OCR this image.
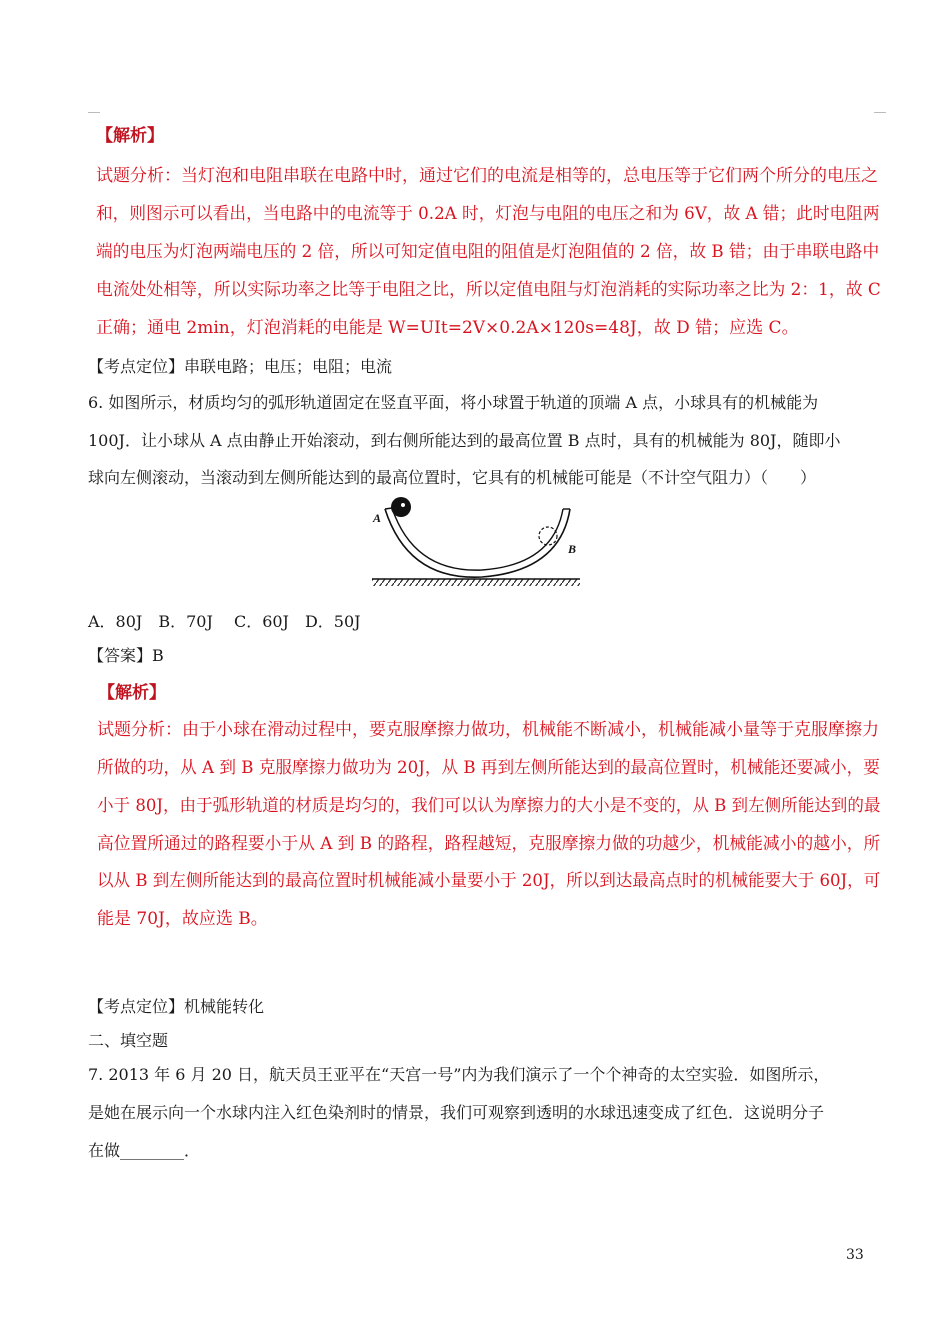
【解析】
试题分析：当灯泡和电阻串联在电路中时，通过它们的电流是相等的，总电压等于它们两个所分的电压之
和，则图示可以看出，当电路中的电流等于 0.2A 时，灯泡与电阻的电压之和为 6V，故 A 错；此时电阻两
端的电压为灯泡两端电压的 2 倍，所以可知定值电阻的阻值是灯泡阻值的 2 倍，故 B 错；由于串联电路中
电流处处相等，所以实际功率之比等于电阻之比，所以定值电阻与灯泡消耗的实际功率之比为 2：1，故 C
正确；通电 2min，灯泡消耗的电能是 W=UIt=2V×0.2A×120s=48J，故 D 错；应选 C。
【考点定位】串联电路；电压；电阻；电流
6. 如图所示，材质均匀的弧形轨道固定在竖直平面，将小球置于轨道的顶端 A 点，小球具有的机械能为
100J．让小球从 A 点由静止开始滚动，到右侧所能达到的最高位置 B 点时，具有的机械能为 80J，随即小
球向左侧滚动，当滚动到左侧所能达到的最高位置时，它具有的机械能可能是（不计空气阻力）（　　）
A
B
A．80J　B．70J　 C．60J　D．50J
【答案】B
【解析】
试题分析：由于小球在滑动过程中，要克服摩擦力做功，机械能不断减小，机械能减小量等于克服摩擦力
所做的功，从 A 到 B 克服摩擦力做功为 20J，从 B 再到左侧所能达到的最高位置时，机械能还要减小，要
小于 80J，由于弧形轨道的材质是均匀的，我们可以认为摩擦力的大小是不变的，从 B 到左侧所能达到的最
高位置所通过的路程要小于从 A 到 B 的路程，路程越短，克服摩擦力做的功越少，机械能减小的越小，所
以从 B 到左侧所能达到的最高位置时机械能减小量要小于 20J，所以到达最高点时的机械能要大于 60J，可
能是 70J，故应选 B。
【考点定位】机械能转化
二、填空题
7. 2013 年 6 月 20 日，航天员王亚平在“天宫一号”内为我们演示了一个个神奇的太空实验．如图所示，
是她在展示向一个水球内注入红色染剂时的情景，我们可观察到透明的水球迅速变成了红色．这说明分子
在做________．
33
